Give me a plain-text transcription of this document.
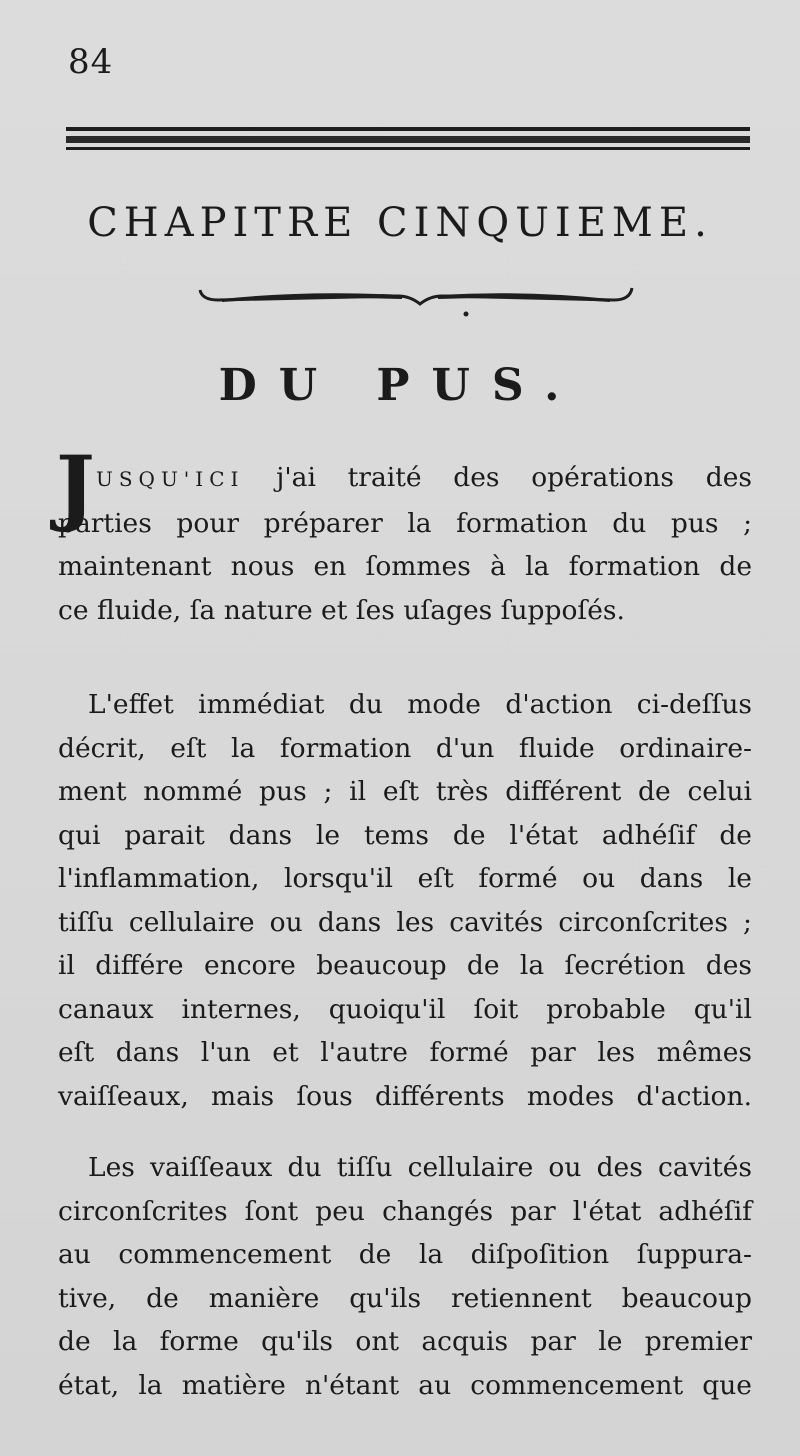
84
CHAPITRE CINQUIEME.
DU PUS.
J USQU'ICI j'ai traité des opérations des
parties pour préparer la formation du pus ;
maintenant nous en ſommes à la formation de
ce fluide, ſa nature et ſes uſages ſuppoſés.
L'effet immédiat du mode d'action ci-deſſus
décrit, eſt la formation d'un fluide ordinaire-
ment nommé pus ; il eſt très différent de celui
qui parait dans le tems de l'état adhéſif de
l'inflammation, lorsqu'il eſt formé ou dans le
tiſſu cellulaire ou dans les cavités circonſcrites ;
il différe encore beaucoup de la ſecrétion des
canaux internes, quoiqu'il ſoit probable qu'il
eſt dans l'un et l'autre formé par les mêmes
vaiſſeaux, mais ſous différents modes d'action.
Les vaiſſeaux du tiſſu cellulaire ou des cavités
circonſcrites ſont peu changés par l'état adhéſif
au commencement de la diſpoſition ſuppura-
tive, de manière qu'ils retiennent beaucoup
de la forme qu'ils ont acquis par le premier
état, la matière n'étant au commencement que
